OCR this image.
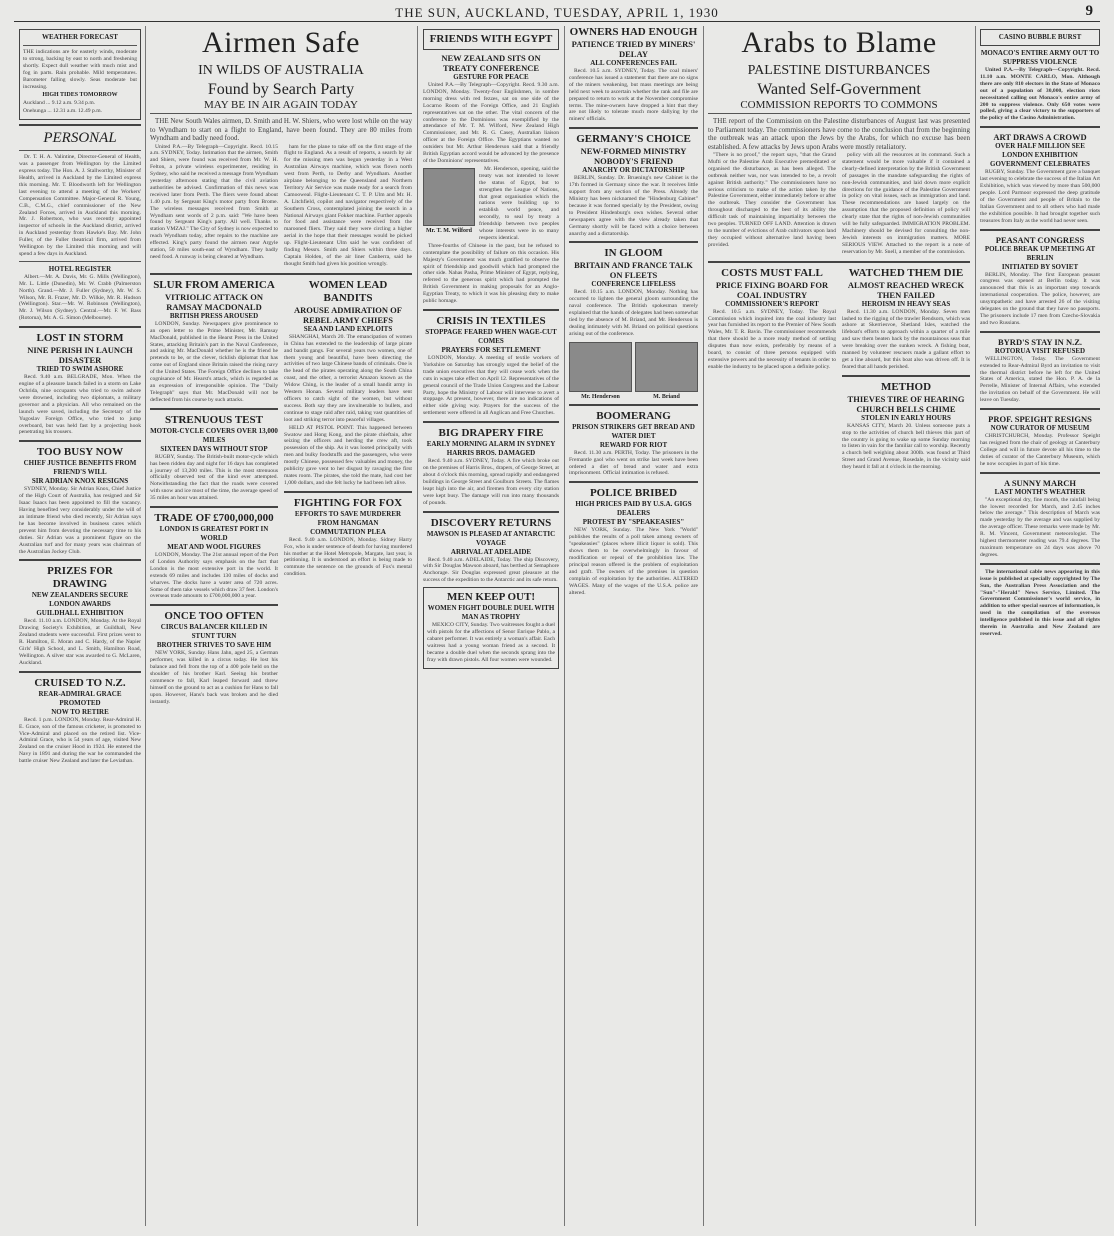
THE SUN, AUCKLAND, TUESDAY, APRIL 1, 1930	9
WEATHER FORECAST

THE indications are for easterly winds, moderate to strong, backing by east to north and freshening shortly. Expect dull weather with much mist and fog in parts. Rain probable. Mild temperatures. Barometer falling slowly. Seas moderate but increasing.

HIGH TIDES TOMORROW

Auckland ... 9.12 a.m. 9.34 p.m.

Onehunga ... 12.31 a.m. 12.49 p.m.

PERSONAL

Dr. T. H. A. Valintine, Director-General of Health, was a passenger from Wellington by the Limited express today. The Hon. A. J. Stallworthy, Minister of Health, arrived in Auckland by the Limited express this morning. Mr. T. Bloodworth left for Wellington last evening to attend a meeting of the Workers' Compensation Committee. Major-General R. Young, C.B., C.M.G., chief commissioner of the New Zealand Forces, arrived in Auckland this morning. Mr. J. Robertson, who was recently appointed inspector of schools in the Auckland district, arrived in Auckland yesterday from Hawke's Bay. Mr. John Fuller, of the Fuller theatrical firm, arrived from Wellington by the Limited this morning and will spend a few days in Auckland.

HOTEL REGISTER

Albert.—Mr. A. Davis, Mr. G. Mills (Wellington), Mr. L. Little (Dunedin), Mr. W. Crabb (Palmerston North). Grand.—Mr. J. Fuller (Sydney), Mr. W. S. Wilson, Mr. R. Frazer, Mr. D. Wilkie, Mr. R. Hudson (Wellington). Star.—Mr. W. Robinson (Wellington), Mr. J. Wilson (Sydney). Central.—Mr. F. W. Bass (Rotorua), Mr. A. G. Simon (Melbourne).

LOST IN STORM
NINE PERISH IN LAUNCH DISASTER
TRIED TO SWIM ASHORE

Recd. 9.40 a.m. BELGRADE, Mon. When the engine of a pleasure launch failed in a storm on Lake Ochrida, nine occupants who tried to swim ashore were drowned, including two diplomats, a military governor and a physician. All who remained on the launch were saved, including the Secretary of the Yugoslav Foreign Office, who tried to jump overboard, but was held fast by a projecting hook penetrating his trousers.

TOO BUSY NOW
CHIEF JUSTICE BENEFITS FROM FRIEND'S WILL
SIR ADRIAN KNOX RESIGNS

SYDNEY, Monday. Sir Adrian Knox, Chief Justice of the High Court of Australia, has resigned and Sir Isaac Isaacs has been appointed to fill the vacancy. Having benefited very considerably under the will of an intimate friend who died recently, Sir Adrian says he has become involved in business cares which prevent him from devoting the necessary time to his duties. Sir Adrian was a prominent figure on the Australian turf and for many years was chairman of the Australian Jockey Club.

PRIZES FOR DRAWING
NEW ZEALANDERS SECURE LONDON AWARDS
GUILDHALL EXHIBITION

Recd. 11.10 a.m. LONDON, Monday. At the Royal Drawing Society's Exhibition, at Guildhall, New Zealand students were successful. First prizes went to R. Hamilton, E. Moran and C. Hardy, of the Napier Girls' High School, and L. Smith, Hamilton Road, Wellington. A silver star was awarded to G. McLaren, Auckland.

CRUISED TO N.Z.
REAR-ADMIRAL GRACE PROMOTED
NOW TO RETIRE

Recd. 1 p.m. LONDON, Monday. Rear-Admiral H. E. Grace, son of the famous cricketer, is promoted to Vice-Admiral and placed on the retired list. Vice-Admiral Grace, who is 54 years of age, visited New Zealand on the cruiser Hood in 1924. He entered the Navy in 1891 and during the war he commanded the battle cruiser New Zealand and later the Leviathan.

Airmen Safe
IN WILDS OF AUSTRALIA
Found by Search Party
MAY BE IN AIR AGAIN TODAY

THE New South Wales airmen, D. Smith and H. W. Shiers, who were lost while on the way to Wyndham to start on a flight to England, have been found. They are 80 miles from Wyndham and badly need food.

United P.A.—By Telegraph—Copyright. Recd. 10.15 a.m. SYDNEY, Today. Intimation that the airmen, Smith and Shiers, were found was received from Mr. W. H. Felton, a private wireless experimenter, residing in Sydney, who said he received a message from Wyndham yesterday afternoon stating that the civil aviation authorities be advised. Confirmation of this news was received later from Perth. The fliers were found about 1.40 p.m. by Sergeant King's motor party from Brome. The wireless messages received from Smith at Wyndham sent words of 2 p.m. said: "We have been found by Sergeant King's party. All well. Thanks to station VMZAJ." The City of Sydney is now expected to reach Wyndham today, after repairs to the machine are effected. King's party found the airmen near Argyle station, 50 miles south-east of Wyndham. They badly need food. A runway is being cleared at Wyndham.

ham for the plane to take off on the first stage of the flight to England. As a result of reports, a search by air for the missing men was begun yesterday in a West Australian Airways machine, which was flown north west from Perth, to Derby and Wyndham. Another airplane belonging to the Queensland and Northern Territory Air Service was made ready for a search from Camooweal. Flight-Lieutenant C. T. P. Ulm and Mr. H. A. Litchfield, copilot and navigator respectively of the Southern Cross, contemplated joining the search in a National Airways giant Fokker machine. Further appeals for food and assistance were received from the marooned fliers. They said they were circling a higher aerial in the hope that their messages would be picked up. Flight-Lieutenant Ulm said he was confident of finding Messrs. Smith and Shiers within three days. Captain Holden, of the air liner Canberra, said he thought Smith had given his position wrongly.

SLUR FROM AMERICA
VITRIOLIC ATTACK ON RAMSAY MACDONALD
BRITISH PRESS AROUSED

LONDON, Sunday. Newspapers give prominence to an open letter to the Prime Minister, Mr. Ramsay MacDonald, published in the Hearst Press in the United States, attacking Britain's part in the Naval Conference, and asking Mr. MacDonald whether he is the friend he pretends to be, or the clever, ticklish diplomat that has come out of England since Britain raised the rising navy of the United States. The Foreign Office declines to take cognisance of Mr. Hearst's attack, which is regarded as an expression of irresponsible opinion. The "Daily Telegraph" says that Mr. MacDonald will not be deflected from his course by such attacks.

STRENUOUS TEST
MOTOR-CYCLE COVERS OVER 13,000 MILES
SIXTEEN DAYS WITHOUT STOP

RUGBY, Sunday. The British-built motor-cycle which has been ridden day and night for 16 days has completed a journey of 13,200 miles. This is the most strenuous officially observed test of the kind ever attempted. Notwithstanding the fact that the roads were covered with snow and ice most of the time, the average speed of 35 miles an hour was attained.

TRADE OF £700,000,000
LONDON IS GREATEST PORT IN WORLD
MEAT AND WOOL FIGURES

LONDON, Monday. The 21st annual report of the Port of London Authority says emphasis on the fact that London is the most extensive port in the world. It extends 69 miles and includes 130 miles of docks and wharves. The docks have a water area of 720 acres. Some of them take vessels which draw 37 feet. London's overseas trade amounts to £700,000,000 a year.

ONCE TOO OFTEN
CIRCUS BALANCER KILLED IN STUNT TURN
BROTHER STRIVES TO SAVE HIM

NEW YORK, Sunday. Hans Jahn, aged 25, a German performer, was killed in a circus today. He lost his balance and fell from the top of a 400 pole held on the shoulder of his brother Karl. Seeing his brother commence to fall, Karl leaped forward and threw himself on the ground to act as a cushion for Hans to fall upon. However, Hans's back was broken and he died instantly.

WOMEN LEAD BANDITS
AROUSE ADMIRATION OF REBEL ARMY CHIEFS
SEA AND LAND EXPLOITS

SHANGHAI, March 20. The emancipation of women in China has extended to the leadership of large pirate and bandit gangs. For several years two women, one of them young and beautiful, have been directing the activities of two large Chinese bands of criminals. One is the head of the pirates operating along the South China coast, and the other, a terrorist Amazon known as the Widow Ching, is the leader of a small bandit army in Western Honan. Several military leaders have sent officers to catch sight of the women, but without success. Both say they are invulnerable to bullets, and continue to stage raid after raid, taking vast quantities of loot and striking terror into peaceful villages.

HELD AT PISTOL POINT. This happened between Swatow and Hong Kong, and the pirate chieftain, after seizing the officers and herding the crew aft, took possession of the ship. As it was looted principally with men and bulky foodstuffs and the passengers, who were mostly Chinese, possessed few valuables and money, the publicity gave vent to her disgust by ravaging the first mates room. The pirates, she told the mate, had cost her 1,000 dollars, and she felt lucky he had been left alive.

FIGHTING FOR FOX
EFFORTS TO SAVE MURDERER FROM HANGMAN
COMMUTATION PLEA

Recd. 9.40 a.m. LONDON, Monday. Sidney Harry Fox, who is under sentence of death for having murdered his mother at the Hotel Metropole, Margate, last year, is petitioning. It is understood an effort is being made to commute the sentence on the grounds of Fox's mental condition.

FRIENDS WITH EGYPT
NEW ZEALAND SITS ON TREATY CONFERENCE
GESTURE FOR PEACE

United P.A.—By Telegraph—Copyright. Recd. 9.30 a.m. LONDON, Monday. Twenty-four Englishmen, in sombre morning dress with red fezzes, sat on one side of the Locarno Room of the Foreign Office, and 21 English representatives sat on the other. The vital concern of the conference to the Dominions was exemplified by the attendance of Mr. T. M. Wilford, New Zealand High Commissioner, and Mr. R. G. Casey, Australian liaison officer at the Foreign Office. The Egyptians wanted no outsiders but Mr. Arthur Henderson said that a friendly British Egyptian accord would be advanced by the presence of the Dominions' representatives.

Mr. T. M. Wilford

Mr. Henderson, opening, said the treaty was not intended to lower the status of Egypt, but to strengthen the League of Nations, that great organisation which the nations were building up to establish world peace, and secondly, to seal by treaty a friendship between two peoples whose interests were in so many respects identical.

Three-fourths of Chinese in the past, but he refused to contemplate the possibility of failure on this occasion. His Majesty's Government was much gratified to observe the spirit of friendship and goodwill which had prompted the other side. Nahas Pasha, Prime Minister of Egypt, replying, referred to the generous spirit which had prompted the British Government in making proposals for an Anglo-Egyptian Treaty, to which it was his pleasing duty to make public homage.

CRISIS IN TEXTILES
STOPPAGE FEARED WHEN WAGE-CUT COMES
PRAYERS FOR SETTLEMENT

LONDON, Monday. A meeting of textile workers of Yorkshire on Saturday has strongly urged the belief of the trade union executives that they will cease work when the cuts in wages take effect on April 12. Representatives of the general council of the Trade Union Congress and the Labour Party, hope the Ministry of Labour will intervene to avert a stoppage. At present, however, there are no indications of either side giving way. Prayers for the success of the settlement were offered in all Anglican and Free Churches.

BIG DRAPERY FIRE
EARLY MORNING ALARM IN SYDNEY
HARRIS BROS. DAMAGED

Recd. 9.40 a.m. SYDNEY, Today. A fire which broke out on the premises of Harris Bros., drapers, of George Street, at about 4 o'clock this morning, spread rapidly and endangered buildings in George Street and Goulburn Streets. The flames leapt high into the air, and firemen from every city station were kept busy. The damage will run into many thousands of pounds.

DISCOVERY RETURNS
MAWSON IS PLEASED AT ANTARCTIC VOYAGE
ARRIVAL AT ADELAIDE

Recd. 9.40 a.m. ADELAIDE, Today. The ship Discovery, with Sir Douglas Mawson aboard, has berthed at Semaphore Anchorage. Sir Douglas expressed great pleasure at the success of the expedition to the Antarctic and its safe return.

MEN KEEP OUT!
WOMEN FIGHT DOUBLE DUEL WITH MAN AS TROPHY

MEXICO CITY, Sunday. Two waitresses fought a duel with pistols for the affections of Senor Enrique Pablo, a cabaret performer. It was entirely a woman's affair. Each waitress had a young woman friend as a second. It became a double duel when the seconds sprang into the fray with drawn pistols. All four women were wounded.

OWNERS HAD ENOUGH
PATIENCE TRIED BY MINERS' DELAY
ALL CONFERENCES FAIL

Recd. 10.5 a.m. SYDNEY, Today. The coal miners' conference has issued a statement that there are no signs of the miners weakening, but mass meetings are being held next week to ascertain whether the rank and file are prepared to return to work at the November compromise terms. The mine-owners have dropped a hint that they are not likely to tolerate much more dallying by the miners' officials.

GERMANY'S CHOICE
NEW-FORMED MINISTRY NOBODY'S FRIEND
ANARCHY OR DICTATORSHIP

BERLIN, Sunday. Dr. Bruening's new Cabinet is the 17th formed in Germany since the war. It receives little support from any section of the Press. Already the Ministry has been nicknamed the "Hindenburg Cabinet" because it was formed specially by the President, owing to President Hindenburg's own wishes. Several other newspapers agree with the view already taken that Germany shortly will be faced with a choice between anarchy and a dictatorship.

IN GLOOM
BRITAIN AND FRANCE TALK ON FLEETS
CONFERENCE LIFELESS

Recd. 10.15 a.m. LONDON, Monday. Nothing has occurred to lighten the general gloom surrounding the naval conference. The British spokesman merely explained that the hands of delegates had been somewhat tied by the absence of M. Briand, and Mr. Henderson is dealing intimately with M. Briand on political questions arising out of the conference.

Mr. Henderson	M. Briand
BOOMERANG
PRISON STRIKERS GET BREAD AND WATER DIET
REWARD FOR RIOT

Recd. 11.30 a.m. PERTH, Today. The prisoners in the Fremantle gaol who went on strike last week have been ordered a diet of bread and water and extra imprisonment. Official intimation is refused.

POLICE BRIBED
HIGH PRICES PAID BY U.S.A. GIGS DEALERS
PROTEST BY "SPEAKEASIES"

NEW YORK, Sunday. The New York "World" publishes the results of a poll taken among owners of "speakeasies" (places where illicit liquor is sold). This shows them to be overwhelmingly in favour of modification or repeal of the prohibition law. The principal reason offered is the problem of exploitation and graft. The owners of the premises in question complain of exploitation by the authorities. ALTERED WAGES. Many of the wages of the U.S.A. police are altered.

Arabs to Blame
PALESTINE DISTURBANCES
Wanted Self-Government
COMMISSION REPORTS TO COMMONS

THE report of the Commission on the Palestine disturbances of August last was presented to Parliament today. The commissioners have come to the conclusion that from the beginning the outbreak was an attack upon the Jews by the Arabs, for which no excuse has been established. A few attacks by Jews upon Arabs were mostly retaliatory.

"There is no proof," the report says, "that the Grand Mufti or the Palestine Arab Executive premeditated or organised the disturbance, as has been alleged. The outbreak neither was, nor was intended to be, a revolt against British authority." The commissioners have no serious criticism to make of the action taken by the Palestine Government, either immediately before or after the outbreak. They consider the Government has throughout discharged to the best of its ability the difficult task of maintaining impartiality between the two peoples. TURNED OFF LAND. Attention is drawn to the number of evictions of Arab cultivators upon land they occupied without alternative land having been provided.

policy with all the resources at its command. Such a statement would be more valuable if it contained a clearly-defined interpretation by the British Government of passages in the mandate safeguarding the rights of non-Jewish communities, and laid down more explicit directions for the guidance of the Palestine Government in policy on vital issues, such as immigration and land. These recommendations are based largely on the assumption that the proposed definition of policy will clearly state that the rights of non-Jewish communities will be fully safeguarded. IMMIGRATION PROBLEM. Machinery should be devised for consulting the non-Jewish interests on immigration matters. MORE SERIOUS VIEW. Attached to the report is a note of reservation by Mr. Snell, a member of the commission.

COSTS MUST FALL
PRICE FIXING BOARD FOR COAL INDUSTRY
COMMISSIONER'S REPORT

Recd. 10.5 a.m. SYDNEY, Today. The Royal Commission which inquired into the coal industry last year has furnished its report to the Premier of New South Wales, Mr. T. R. Bavin. The commissioner recommends that there should be a more ready method of settling disputes than now exists, preferably by means of a board, to consist of three persons equipped with extensive powers and the necessity of tenants in order to enable the industry to be placed upon a definite policy.

WATCHED THEM DIE
ALMOST REACHED WRECK THEN FAILED
HEROISM IN HEAVY SEAS

Recd. 11.30 a.m. LONDON, Monday. Seven men lashed to the rigging of the trawler Rendsorn, which was ashore at Skerriesvoe, Shetland Isles, watched the lifeboat's efforts to approach within a quarter of a mile and saw them beaten back by the mountainous seas that were breaking over the sunken wreck. A fishing boat, manned by volunteer rescuers made a gallant effort to get a line aboard, but this boat also was driven off. It is feared that all hands perished.

METHOD
THIEVES TIRE OF HEARING CHURCH BELLS CHIME
STOLEN IN EARLY HOURS

KANSAS CITY, March 20. Unless someone puts a stop to the activities of church bell thieves this part of the country is going to wake up some Sunday morning to listen in vain for the familiar call to worship. Recently a church bell weighing about 300lb. was found at Third Street and Grand Avenue, Rosedale, in the vicinity said they heard it fall at 4 o'clock in the morning.

CASINO BUBBLE BURST
MONACO'S ENTIRE ARMY OUT TO SUPPRESS VIOLENCE

United P.A.—By Telegraph—Copyright. Recd. 11.10 a.m. MONTE CARLO, Mon. Although there are only 810 electors in the State of Monaco out of a population of 30,000, election riots necessitated calling out Monaco's entire army of 200 to suppress violence. Only 650 votes were polled, giving a clear victory to the supporters of the policy of the Casino Administration.

ART DRAWS A CROWD
OVER HALF MILLION SEE LONDON EXHIBITION
GOVERNMENT CELEBRATES

RUGBY, Sunday. The Government gave a banquet last evening to celebrate the success of the Italian Art Exhibition, which was viewed by more than 500,000 people. Lord Parmoor expressed the deep gratitude of the Government and people of Britain to the Italian Government and to all others who had made the exhibition possible. It had brought together such treasures from Italy as the world had never seen.

PEASANT CONGRESS
POLICE BREAK UP MEETING AT BERLIN
INITIATED BY SOVIET

BERLIN, Monday. The first European peasant congress was opened at Berlin today. It was announced that this is an important step towards international cooperation. The police, however, are unsympathetic and have arrested 26 of the visiting delegates on the ground that they have no passports. The prisoners include 17 men from Czecho-Slovakia and two Russians.

BYRD'S STAY IN N.Z.
ROTORUA VISIT REFUSED

WELLINGTON, Today. The Government extended to Rear-Admiral Byrd an invitation to visit the thermal district before he left for the United States of America, stated the Hon. P. A. de la Perrelle, Minister of Internal Affairs, who extended the invitation on behalf of the Government. He will leave on Tuesday.

PROF. SPEIGHT RESIGNS
NOW CURATOR OF MUSEUM

CHRISTCHURCH, Monday. Professor Speight has resigned from the chair of geology at Canterbury College and will in future devote all his time to the duties of curator of the Canterbury Museum, which he now occupies in part of his time.

A SUNNY MARCH
LAST MONTH'S WEATHER

"An exceptional dry, fine month, the rainfall being the lowest recorded for March, and 2.45 inches below the average." This description of March was made yesterday by the average and was supplied by the average officer. These remarks were made by Mr. R. M. Vincent, Government meteorologist. The highest thermometer reading was 79.4 degrees. The maximum temperature on 24 days was above 70 degrees.

The international cable news appearing in this issue is published at specially copyrighted by The Sun, the Australian Press Association and the "Sun"-"Herald" News Service, Limited. The Government Commissioner's world service, in addition to other special sources of information, is used in the compilation of the overseas intelligence published in this issue and all rights therein in Australia and New Zealand are reserved.
